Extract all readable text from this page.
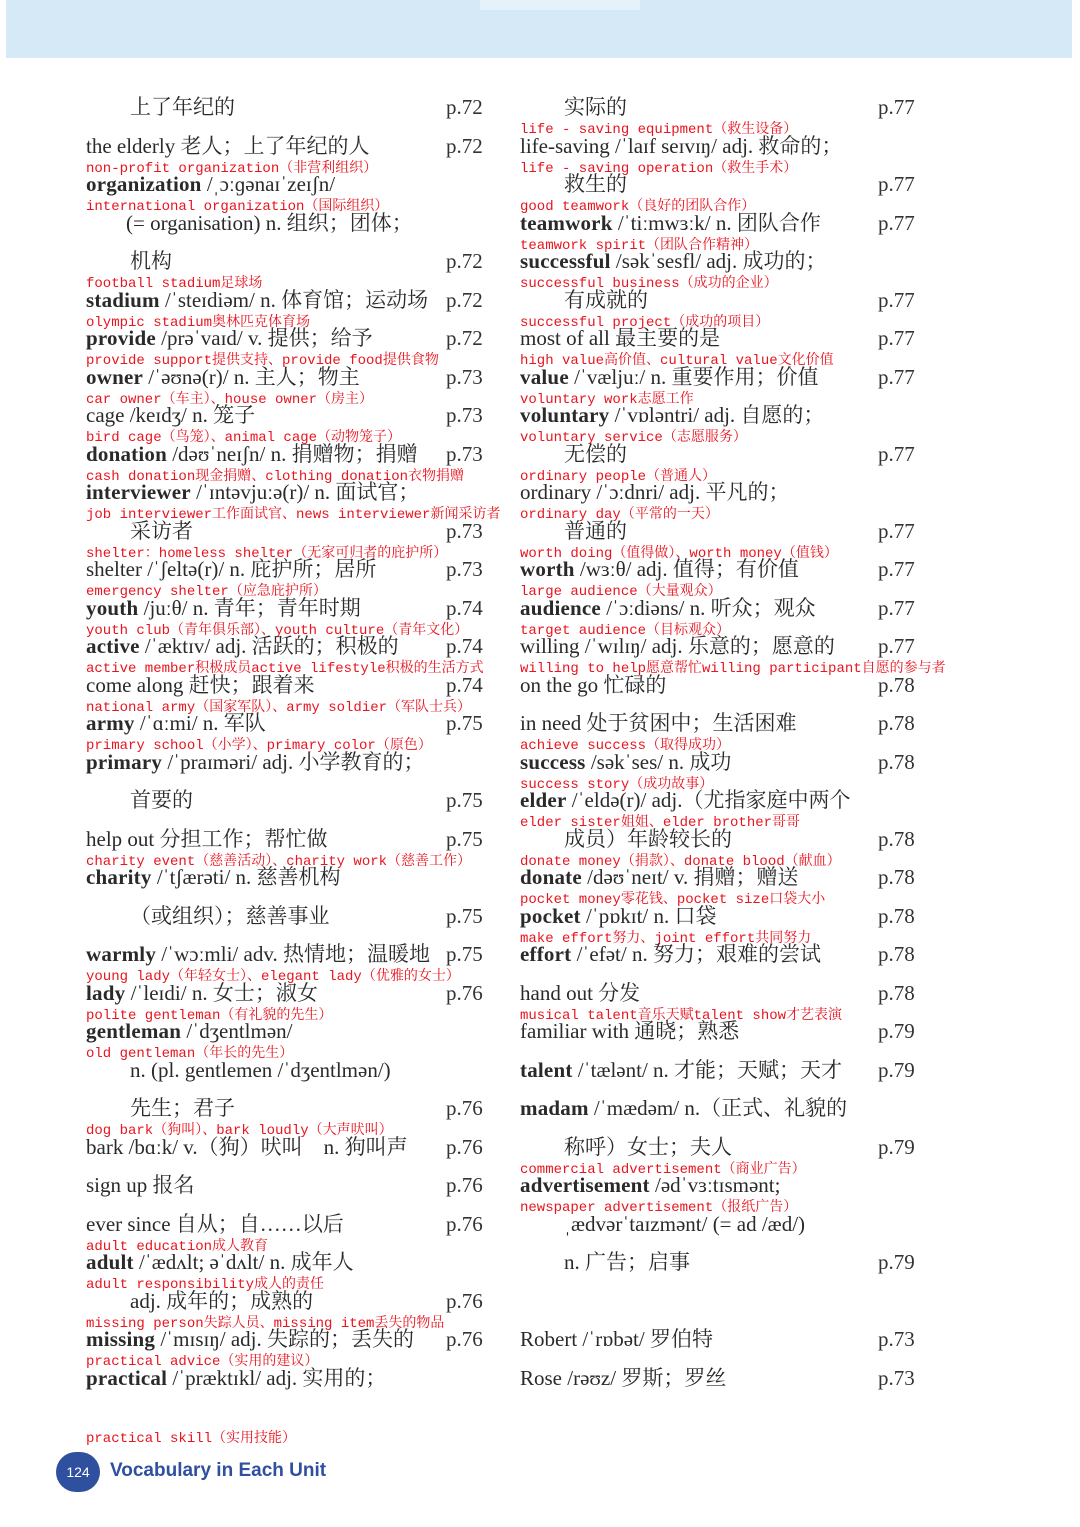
上了年纪的	p.72
the elderly 老人；上了年纪的人	p.72
non-profit organization（非营利组织）
organization /ˌɔːɡənaɪˈzeɪʃn/
international organization（国际组织）
(= organisation) n. 组织；团体；
机构	p.72
football stadium足球场
stadium /ˈsteɪdiəm/ n. 体育馆；运动场 p.72
olympic stadium奥林匹克体育场
provide /prəˈvaɪd/ v. 提供；给予	p.72
provide support提供支持、provide food提供食物
owner /ˈəʊnə(r)/ n. 主人；物主	p.73
car owner（车主）、house owner（房主）
cage /keɪdʒ/ n. 笼子	p.73
bird cage（鸟笼）、animal cage（动物笼子）
donation /dəʊˈneɪʃn/ n. 捐赠物；捐赠 p.73
cash donation现金捐赠、clothing donation衣物捐赠
interviewer /ˈɪntəvjuːə(r)/ n. 面试官；
job interviewer工作面试官、news interviewer新闻采访者
采访者	p.73
shelter：homeless shelter（无家可归者的庇护所）
shelter /ˈʃeltə(r)/ n. 庇护所；居所	p.73
emergency shelter（应急庇护所）
youth /juːθ/ n. 青年；青年时期	p.74
youth club（青年俱乐部）、youth culture（青年文化）
active /ˈæktɪv/ adj. 活跃的；积极的 p.74
active member积极成员active lifestyle积极的生活方式
come along 赶快；跟着来	p.74
national army（国家军队）、army soldier（军队士兵）
army /ˈɑːmi/ n. 军队	p.75
primary school（小学）、primary color（原色）
primary /ˈpraɪməri/ adj. 小学教育的；
首要的	p.75
help out 分担工作；帮忙做	p.75
charity event（慈善活动）、charity work（慈善工作）
charity /ˈtʃærəti/ n. 慈善机构
（或组织）；慈善事业	p.75
warmly /ˈwɔːmli/ adv. 热情地；温暖地 p.75
young lady（年轻女士）、elegant lady（优雅的女士）
lady /ˈleɪdi/ n. 女士；淑女	p.76
polite gentleman（有礼貌的先生）
gentleman /ˈdʒentlmən/
old gentleman（年长的先生）
n. (pl. gentlemen /ˈdʒentlmən/)
先生；君子	p.76
dog bark（狗叫）、bark loudly（大声吠叫）
bark /bɑːk/ v.（狗）吠叫　n. 狗叫声 p.76
sign up 报名	p.76
ever since 自从；自……以后	p.76
adult education成人教育
adult /ˈædʌlt; əˈdʌlt/ n. 成年人
adult responsibility成人的责任
adj. 成年的；成熟的	p.76
missing person失踪人员、missing item丢失的物品
missing /ˈmɪsɪŋ/ adj. 失踪的；丢失的 p.76
practical advice（实用的建议）
practical /ˈpræktɪkl/ adj. 实用的；
practical skill（实用技能）
实际的	p.77
life - saving equipment（救生设备）
life-saving /ˈlaɪf seɪvɪŋ/ adj. 救命的；
life - saving operation（救生手术）
救生的	p.77
good teamwork（良好的团队合作）
teamwork /ˈtiːmwɜːk/ n. 团队合作	p.77
teamwork spirit（团队合作精神）
successful /səkˈsesfl/ adj. 成功的；
successful business（成功的企业）
有成就的	p.77
successful project（成功的项目）
most of all 最主要的是	p.77
high value高价值、cultural value文化价值
value /ˈvæljuː/ n. 重要作用；价值	p.77
voluntary work志愿工作
voluntary /ˈvɒləntri/ adj. 自愿的；
voluntary service（志愿服务）
无偿的	p.77
ordinary people（普通人）
ordinary /ˈɔːdnri/ adj. 平凡的；
ordinary day（平常的一天）
普通的	p.77
worth doing（值得做）、worth money（值钱）
worth /wɜːθ/ adj. 值得；有价值	p.77
large audience（大量观众）
audience /ˈɔːdiəns/ n. 听众；观众	p.77
target audience（目标观众）
willing /ˈwɪlɪŋ/ adj. 乐意的；愿意的 p.77
willing to help愿意帮忙willing participant自愿的参与者
on the go 忙碌的	p.78
in need 处于贫困中；生活困难	p.78
achieve success（取得成功）
success /səkˈses/ n. 成功	p.78
success story（成功故事）
elder /ˈeldə(r)/ adj.（尤指家庭中两个
elder sister姐姐、elder brother哥哥
成员）年龄较长的	p.78
donate money（捐款）、donate blood（献血）
donate /dəʊˈneɪt/ v. 捐赠；赠送	p.78
pocket money零花钱、pocket size口袋大小
pocket /ˈpɒkɪt/ n. 口袋	p.78
make effort努力、joint effort共同努力
effort /ˈefət/ n. 努力；艰难的尝试	p.78
hand out 分发	p.78
musical talent音乐天赋talent show才艺表演
familiar with 通晓；熟悉	p.79
talent /ˈtælənt/ n. 才能；天赋；天才 p.79
madam /ˈmædəm/ n.（正式、礼貌的
称呼）女士；夫人	p.79
commercial advertisement（商业广告）
advertisement /ədˈvɜːtɪsmənt;
newspaper advertisement（报纸广告）
ˌædvərˈtaɪzmənt/ (= ad /æd/)
n. 广告；启事	p.79
Robert /ˈrɒbət/ 罗伯特	p.73
Rose /rəʊz/ 罗斯；罗丝	p.73
124 Vocabulary in Each Unit
